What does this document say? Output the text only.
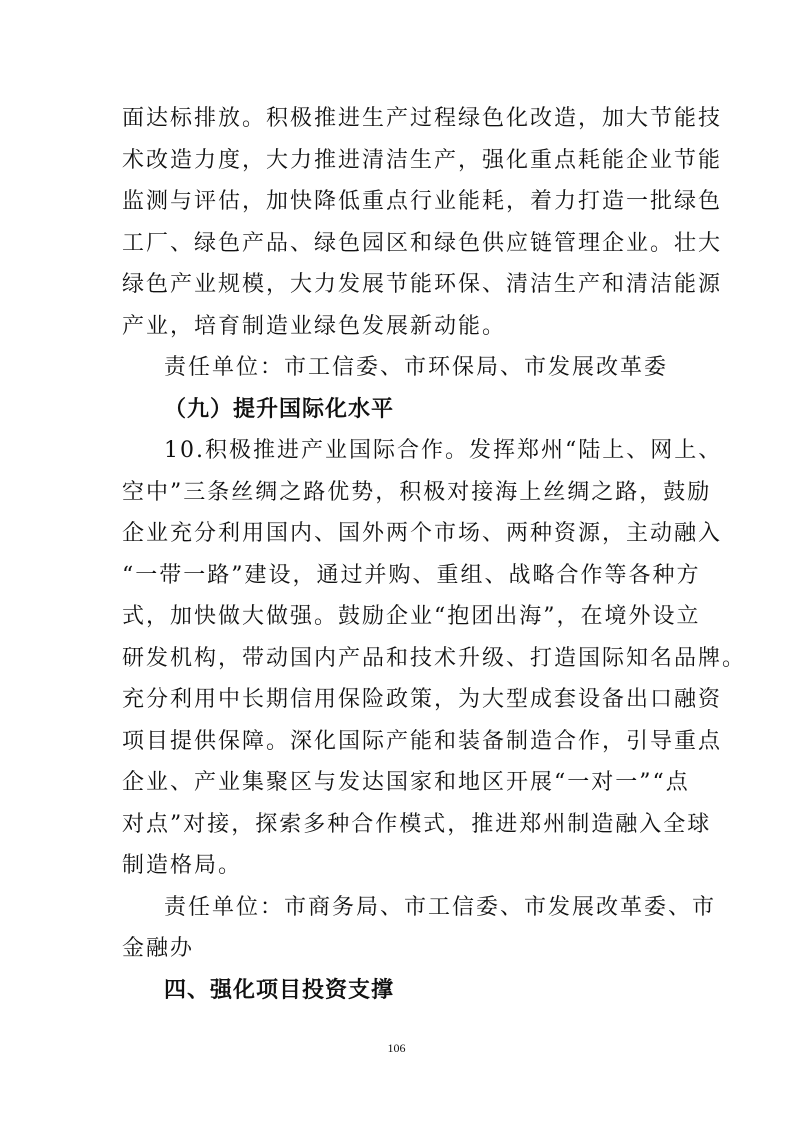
面达标排放。积极推进生产过程绿色化改造，加大节能技
术改造力度，大力推进清洁生产，强化重点耗能企业节能
监测与评估，加快降低重点行业能耗，着力打造一批绿色
工厂、绿色产品、绿色园区和绿色供应链管理企业。壮大
绿色产业规模，大力发展节能环保、清洁生产和清洁能源
产业，培育制造业绿色发展新动能。
责任单位：市工信委、市环保局、市发展改革委
（九）提升国际化水平
10.积极推进产业国际合作。发挥郑州“陆上、网上、
空中”三条丝绸之路优势，积极对接海上丝绸之路，鼓励
企业充分利用国内、国外两个市场、两种资源，主动融入
“一带一路”建设，通过并购、重组、战略合作等各种方
式，加快做大做强。鼓励企业“抱团出海”，在境外设立
研发机构，带动国内产品和技术升级、打造国际知名品牌。
充分利用中长期信用保险政策，为大型成套设备出口融资
项目提供保障。深化国际产能和装备制造合作，引导重点
企业、产业集聚区与发达国家和地区开展“一对一”“点
对点”对接，探索多种合作模式，推进郑州制造融入全球
制造格局。
责任单位：市商务局、市工信委、市发展改革委、市
金融办
四、强化项目投资支撑
106
